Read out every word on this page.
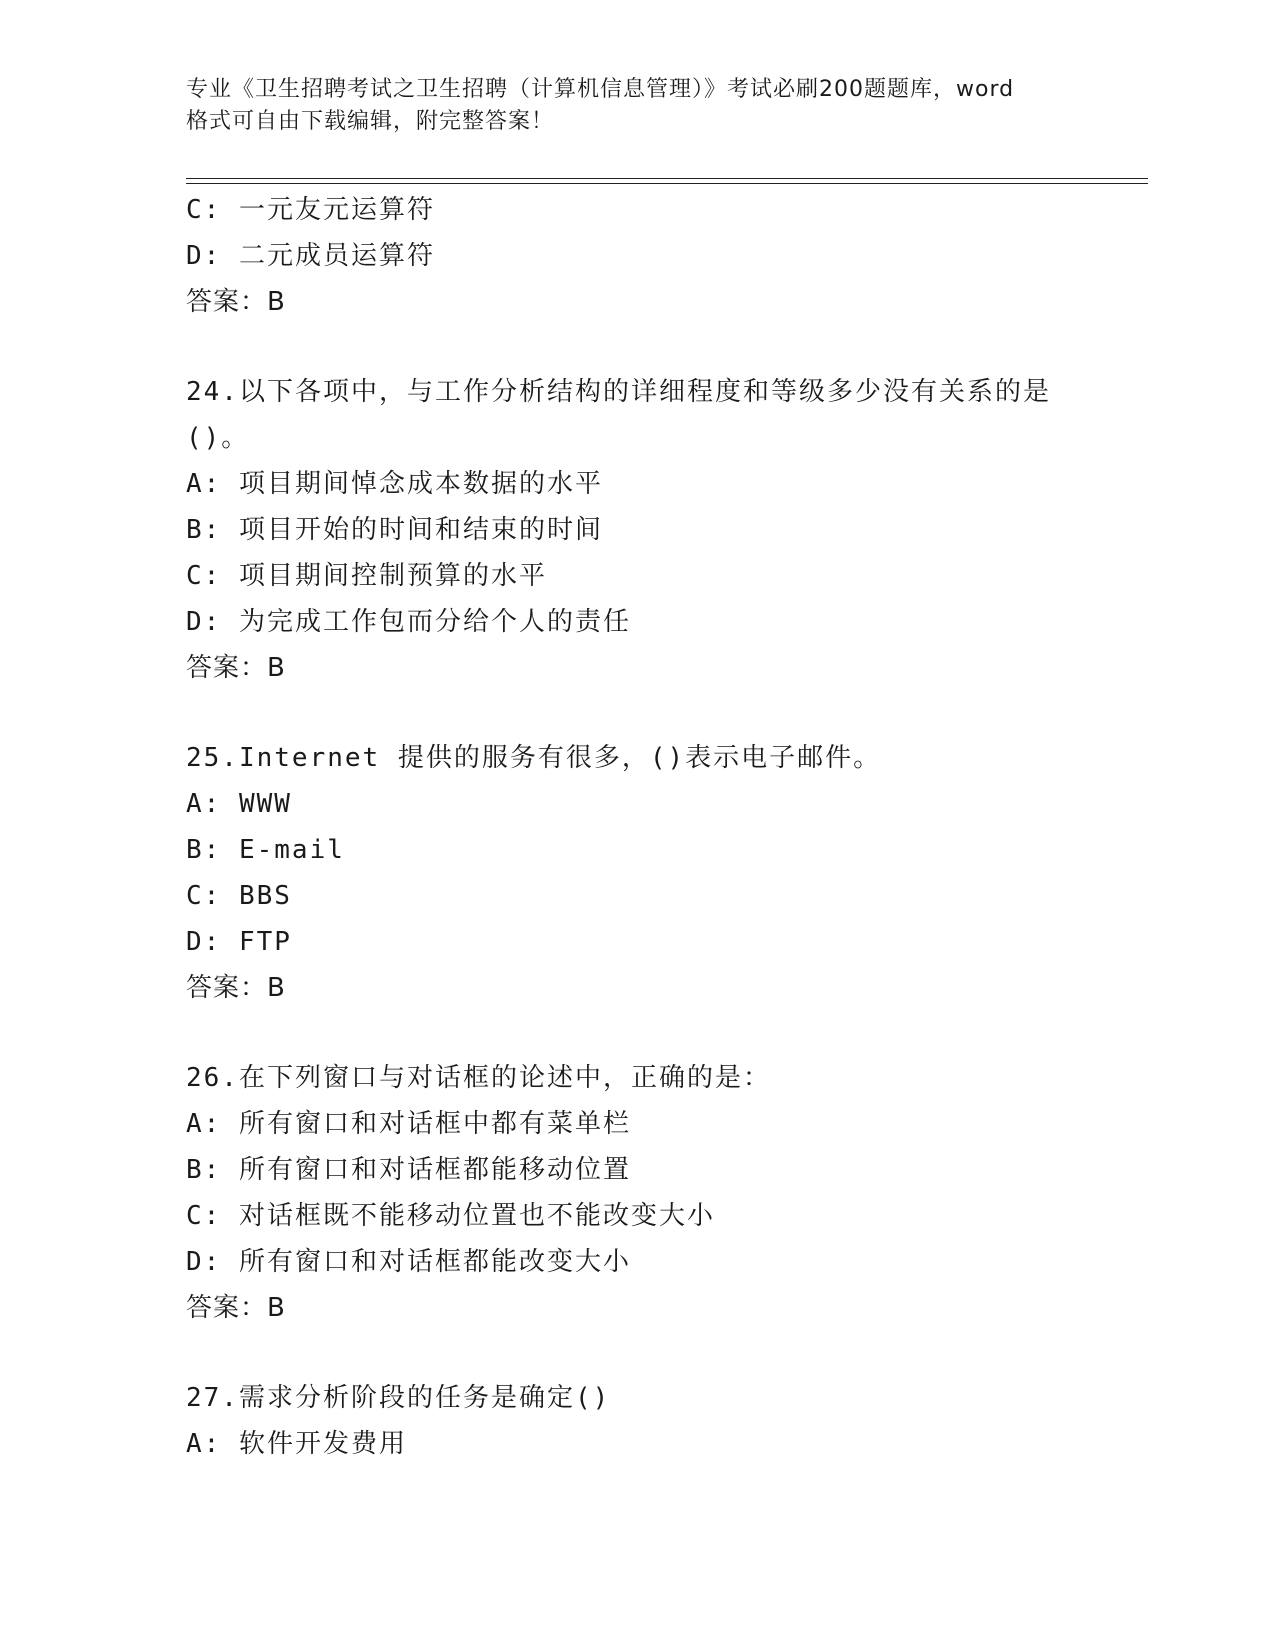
专业《卫生招聘考试之卫生招聘（计算机信息管理）》考试必刷200题题库，word
格式可自由下载编辑，附完整答案！
C: 一元友元运算符
D: 二元成员运算符
答案：B
24.以下各项中，与工作分析结构的详细程度和等级多少没有关系的是
()。
A: 项目期间悼念成本数据的水平
B: 项目开始的时间和结束的时间
C: 项目期间控制预算的水平
D: 为完成工作包而分给个人的责任
答案：B
25.Internet 提供的服务有很多，()表示电子邮件。
A: WWW
B: E-mail
C: BBS
D: FTP
答案：B
26.在下列窗口与对话框的论述中，正确的是：
A: 所有窗口和对话框中都有菜单栏
B: 所有窗口和对话框都能移动位置
C: 对话框既不能移动位置也不能改变大小
D: 所有窗口和对话框都能改变大小
答案：B
27.需求分析阶段的任务是确定()
A: 软件开发费用
